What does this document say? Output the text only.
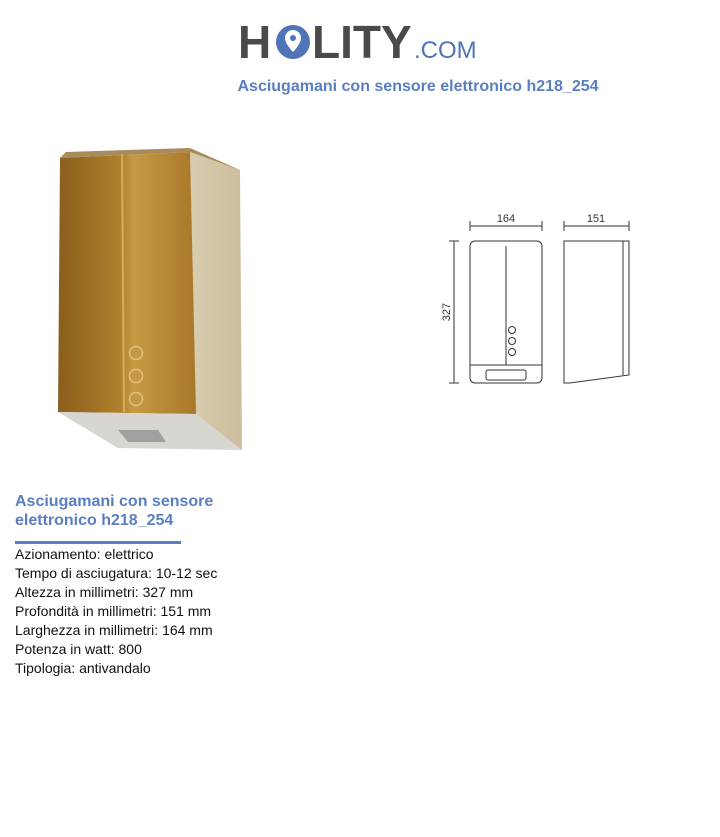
H LITY .COM
Asciugamani con sensore elettronico h218_254
164	151
327
Asciugamani con sensore elettronico h218_254
Azionamento: elettrico
Tempo di asciugatura: 10-12 sec
Altezza in millimetri: 327 mm
Profondità in millimetri: 151 mm
Larghezza in millimetri: 164 mm
Potenza in watt: 800
Tipologia: antivandalo
